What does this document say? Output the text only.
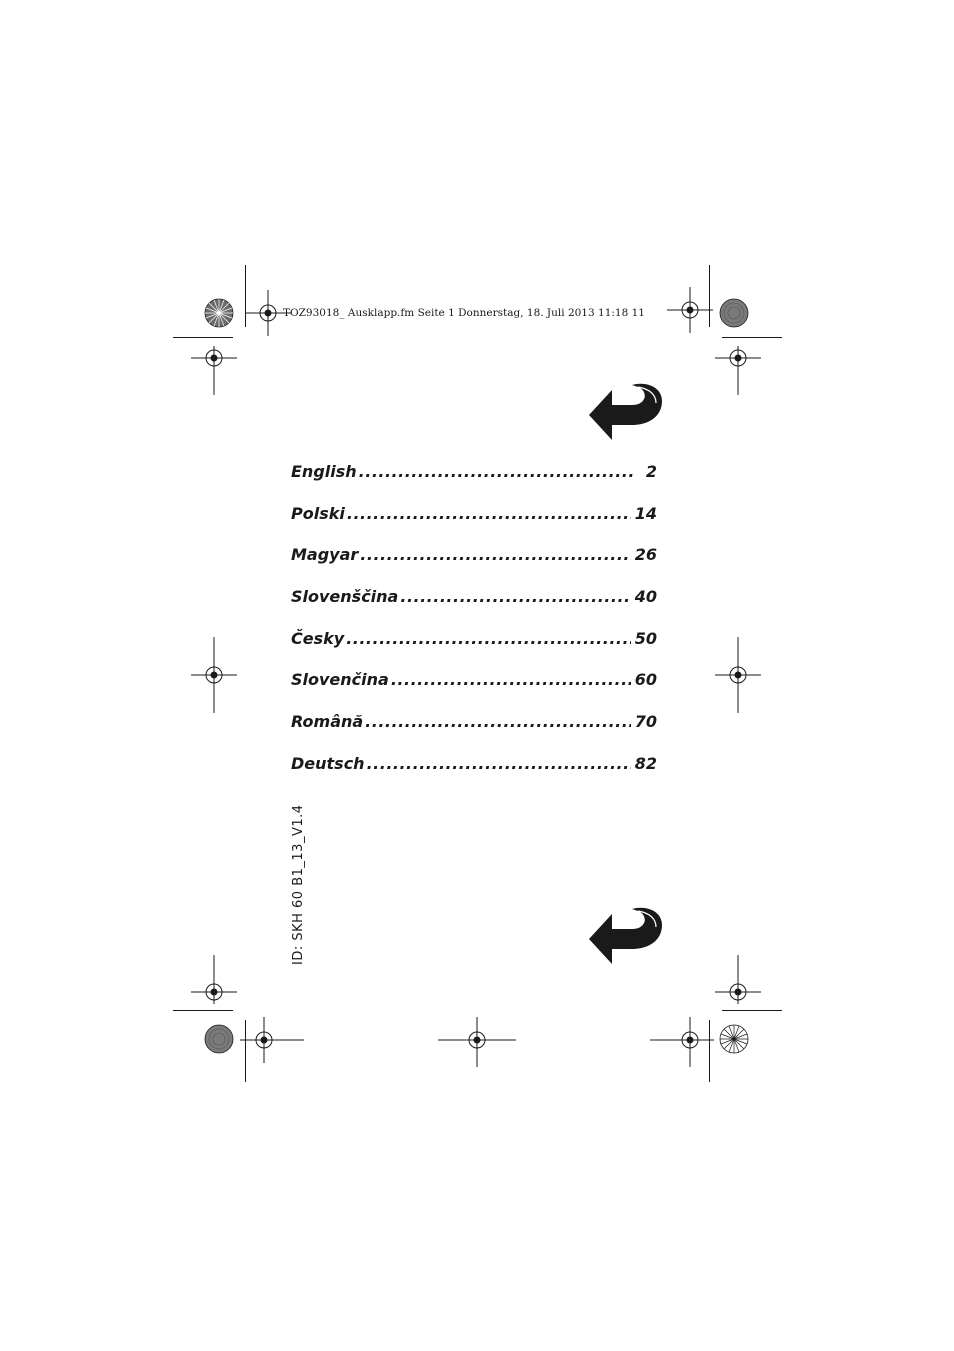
TOZ93018_ Ausklapp.fm Seite 1 Donnerstag, 18. Juli 2013 11:18 11
English .....	2
Polski .....	14
Magyar .....	26
Slovenščina .....	40
Česky .....	50
Slovenčina .....	60
Română .....	70
Deutsch .....	82
ID: SKH 60 B1_13_V1.4
